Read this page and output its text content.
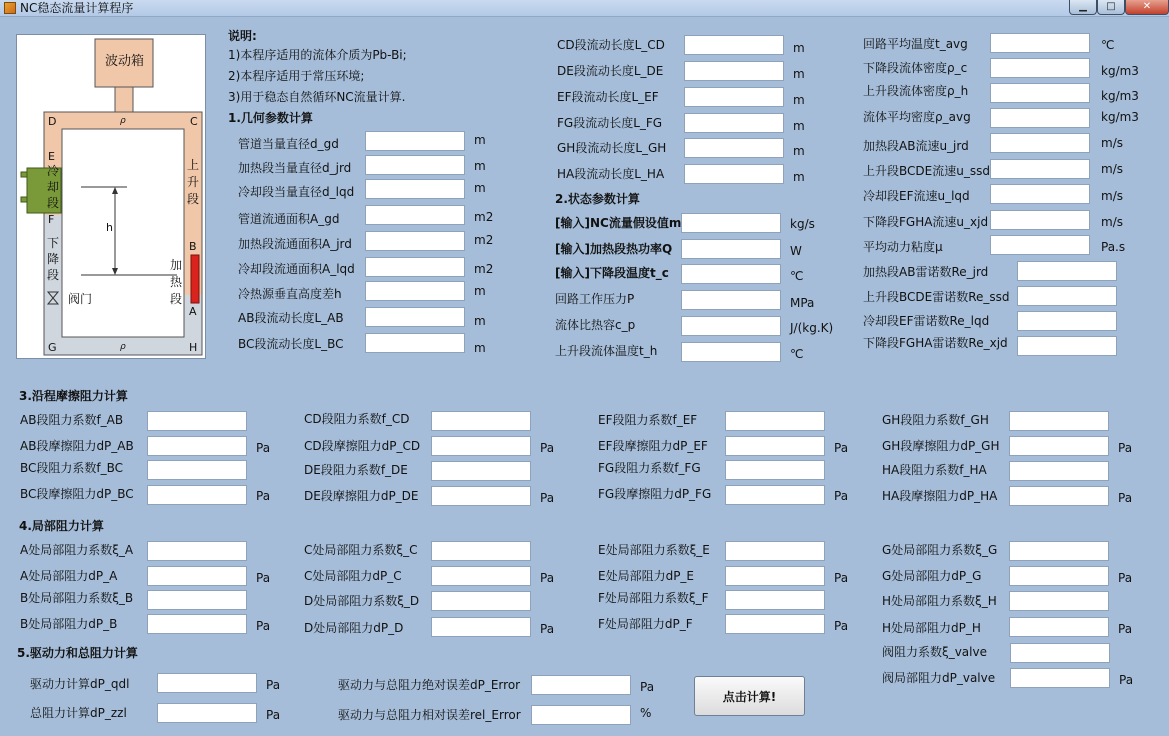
NC稳态流量计算程序	▁	□	✕
波动箱
D	C
E
F
B
A
G	H
ρ
ρ
冷却段
上升段
下降段
加热段
h
阀门
说明:
1)本程序适用的流体介质为Pb-Bi;
2)本程序适用于常压环境;
3)用于稳态自然循环NC流量计算.
1.几何参数计算
管道当量直径d_gd	m
加热段当量直径d_jrd	m
冷却段当量直径d_lqd	m
管道流通面积A_gd	m2
加热段流通面积A_jrd	m2
冷却段流通面积A_lqd	m2
冷热源垂直高度差h	m
AB段流动长度L_AB	m
BC段流动长度L_BC	m
CD段流动长度L_CD	m
DE段流动长度L_DE	m
EF段流动长度L_EF	m
FG段流动长度L_FG	m
GH段流动长度L_GH	m
HA段流动长度L_HA	m
2.状态参数计算
[输入]NC流量假设值m	kg/s
[输入]加热段热功率Q	W
[输入]下降段温度t_c	℃
回路工作压力P	MPa
流体比热容c_p	J/(kg.K)
上升段流体温度t_h	℃
回路平均温度t_avg	℃
下降段流体密度ρ_c	kg/m3
上升段流体密度ρ_h	kg/m3
流体平均密度ρ_avg	kg/m3
加热段AB流速u_jrd	m/s
上升段BCDE流速u_ssd	m/s
冷却段EF流速u_lqd	m/s
下降段FGHA流速u_xjd	m/s
平均动力粘度μ	Pa.s
加热段AB雷诺数Re_jrd
上升段BCDE雷诺数Re_ssd
冷却段EF雷诺数Re_lqd
下降段FGHA雷诺数Re_xjd
3.沿程摩擦阻力计算
AB段阻力系数f_AB
AB段摩擦阻力dP_AB	Pa
BC段阻力系数f_BC
BC段摩擦阻力dP_BC	Pa
CD段阻力系数f_CD
CD段摩擦阻力dP_CD	Pa
DE段阻力系数f_DE
DE段摩擦阻力dP_DE	Pa
EF段阻力系数f_EF
EF段摩擦阻力dP_EF	Pa
FG段阻力系数f_FG
FG段摩擦阻力dP_FG	Pa
GH段阻力系数f_GH
GH段摩擦阻力dP_GH	Pa
HA段阻力系数f_HA
HA段摩擦阻力dP_HA	Pa
4.局部阻力计算
A处局部阻力系数ξ_A
A处局部阻力dP_A	Pa
B处局部阻力系数ξ_B
B处局部阻力dP_B	Pa
C处局部阻力系数ξ_C
C处局部阻力dP_C	Pa
D处局部阻力系数ξ_D
D处局部阻力dP_D	Pa
E处局部阻力系数ξ_E
E处局部阻力dP_E	Pa
F处局部阻力系数ξ_F
F处局部阻力dP_F	Pa
G处局部阻力系数ξ_G
G处局部阻力dP_G	Pa
H处局部阻力系数ξ_H
H处局部阻力dP_H	Pa
阀阻力系数ξ_valve
阀局部阻力dP_valve	Pa
5.驱动力和总阻力计算
驱动力计算dP_qdl	Pa
总阻力计算dP_zzl	Pa
驱动力与总阻力绝对误差dP_Error	Pa
驱动力与总阻力相对误差rel_Error	%
点击计算!
